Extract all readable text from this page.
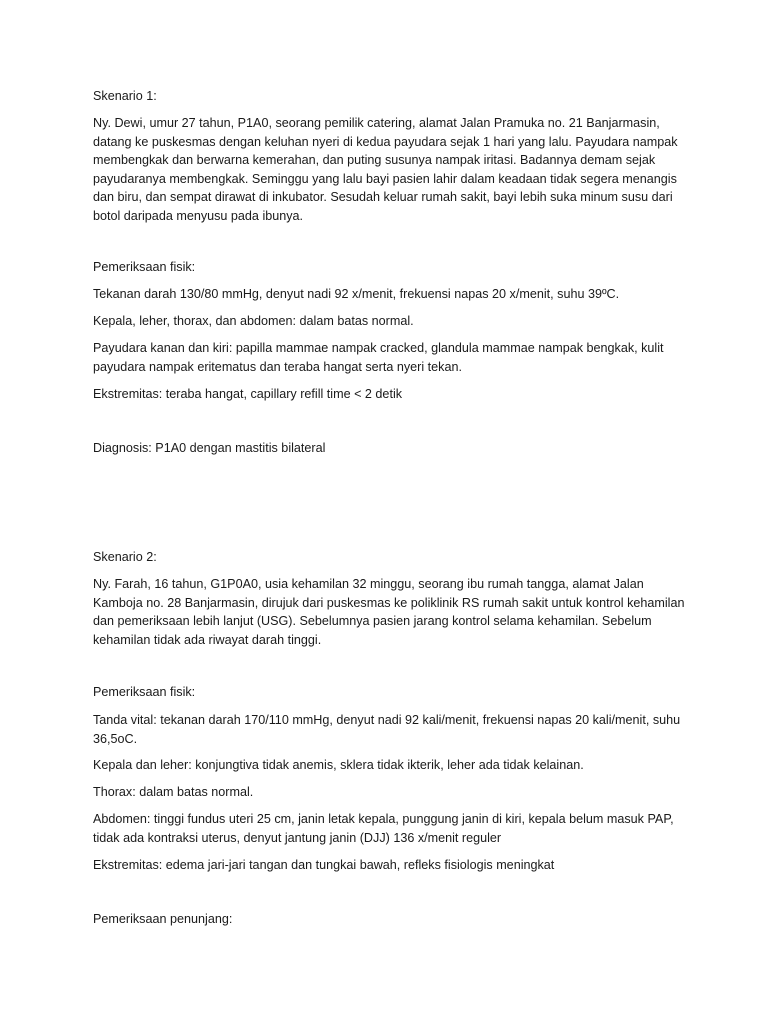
Skenario 1:

Ny. Dewi, umur 27 tahun, P1A0, seorang pemilik catering, alamat Jalan Pramuka no. 21 Banjarmasin, datang ke puskesmas dengan keluhan nyeri di kedua payudara sejak 1 hari yang lalu. Payudara nampak membengkak dan berwarna kemerahan, dan puting susunya nampak iritasi. Badannya demam sejak payudaranya membengkak. Seminggu yang lalu bayi pasien lahir dalam keadaan tidak segera menangis dan biru, dan sempat dirawat di inkubator. Sesudah keluar rumah sakit, bayi lebih suka minum susu dari botol daripada menyusu pada ibunya.

Pemeriksaan fisik:

Tekanan darah 130/80 mmHg, denyut nadi 92 x/menit, frekuensi napas 20 x/menit, suhu 39ºC.

Kepala, leher, thorax, dan abdomen: dalam batas normal.

Payudara kanan dan kiri: papilla mammae nampak cracked, glandula mammae nampak bengkak, kulit payudara nampak eritematus dan teraba hangat serta nyeri tekan.

Ekstremitas: teraba hangat, capillary refill time < 2 detik

Diagnosis: P1A0 dengan mastitis bilateral

Skenario 2:

Ny. Farah, 16 tahun, G1P0A0, usia kehamilan 32 minggu, seorang ibu rumah tangga, alamat Jalan Kamboja no. 28 Banjarmasin, dirujuk dari puskesmas ke poliklinik RS rumah sakit untuk kontrol kehamilan dan pemeriksaan lebih lanjut (USG). Sebelumnya pasien jarang kontrol selama kehamilan. Sebelum kehamilan tidak ada riwayat darah tinggi.

Pemeriksaan fisik:

Tanda vital: tekanan darah 170/110 mmHg, denyut nadi 92 kali/menit, frekuensi napas 20 kali/menit, suhu 36,5oC.

Kepala dan leher: konjungtiva tidak anemis, sklera tidak ikterik, leher ada tidak kelainan.

Thorax: dalam batas normal.

Abdomen: tinggi fundus uteri 25 cm, janin letak kepala, punggung janin di kiri, kepala belum masuk PAP, tidak ada kontraksi uterus, denyut jantung janin (DJJ) 136 x/menit reguler

Ekstremitas: edema jari-jari tangan dan tungkai bawah, refleks fisiologis meningkat

Pemeriksaan penunjang:
